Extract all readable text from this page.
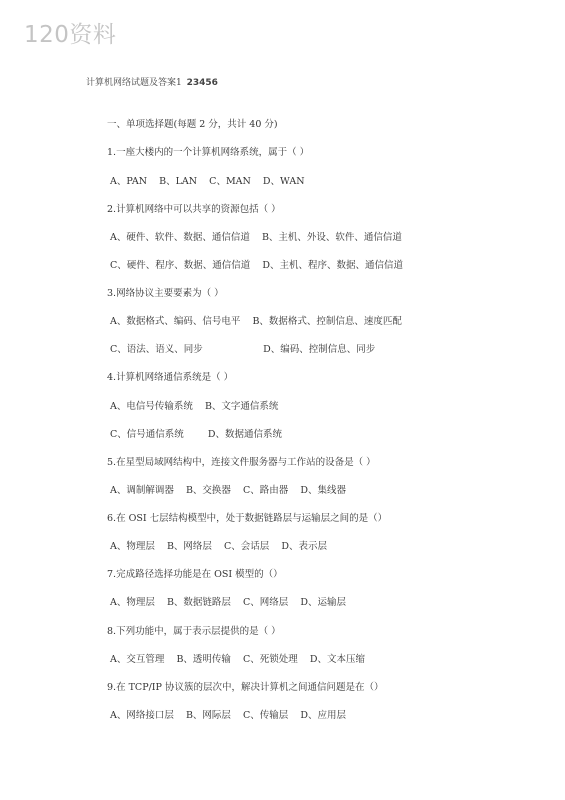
120资料
计算机网络试题及答案1 23456
一、单项选择题(每题 2 分，共计 40 分)
1.一座大楼内的一个计算机网络系统，属于（ ）
A、PAN    B、LAN    C、MAN    D、WAN
2.计算机网络中可以共享的资源包括（ ）
A、硬件、软件、数据、通信信道    B、主机、外设、软件、通信信道
C、硬件、程序、数据、通信信道    D、主机、程序、数据、通信信道
3.网络协议主要要素为（ ）
A、数据格式、编码、信号电平    B、数据格式、控制信息、速度匹配
C、语法、语义、同步                    D、编码、控制信息、同步
4.计算机网络通信系统是（ ）
A、电信号传输系统    B、文字通信系统
C、信号通信系统        D、数据通信系统
5.在星型局域网结构中，连接文件服务器与工作站的设备是（ ）
A、调制解调器    B、交换器    C、路由器    D、集线器
6.在 OSI 七层结构模型中，处于数据链路层与运输层之间的是（）
A、物理层    B、网络层    C、会话层    D、表示层
7.完成路径选择功能是在 OSI 模型的（）
A、物理层    B、数据链路层    C、网络层    D、运输层
8.下列功能中，属于表示层提供的是（ ）
A、交互管理    B、透明传输    C、死锁处理    D、文本压缩
9.在 TCP/IP 协议簇的层次中，解决计算机之间通信问题是在（）
A、网络接口层    B、网际层    C、传输层    D、应用层
